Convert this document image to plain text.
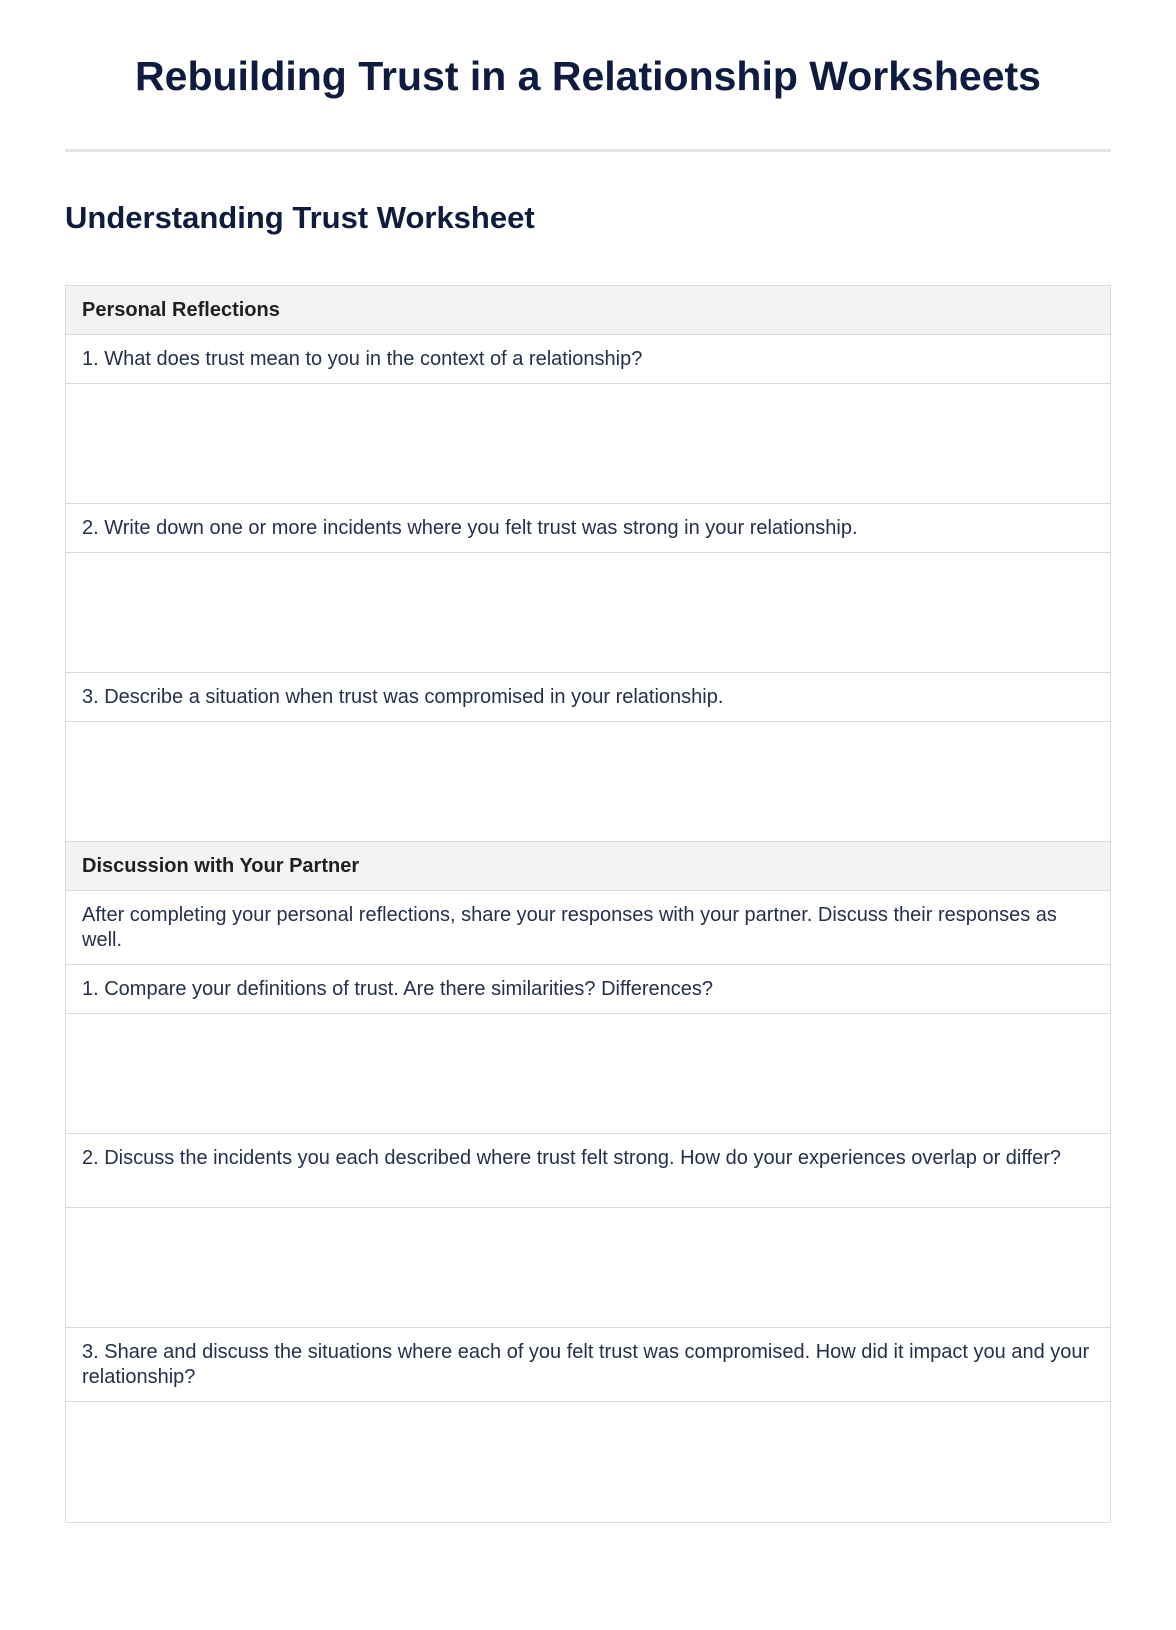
Rebuilding Trust in a Relationship Worksheets
Understanding Trust Worksheet
Personal Reflections
1. What does trust mean to you in the context of a relationship?
2. Write down one or more incidents where you felt trust was strong in your relationship.
3. Describe a situation when trust was compromised in your relationship.
Discussion with Your Partner
After completing your personal reflections, share your responses with your partner. Discuss their responses as well.
1. Compare your definitions of trust. Are there similarities? Differences?
2. Discuss the incidents you each described where trust felt strong. How do your experiences overlap or differ?
3. Share and discuss the situations where each of you felt trust was compromised. How did it impact you and your relationship?
